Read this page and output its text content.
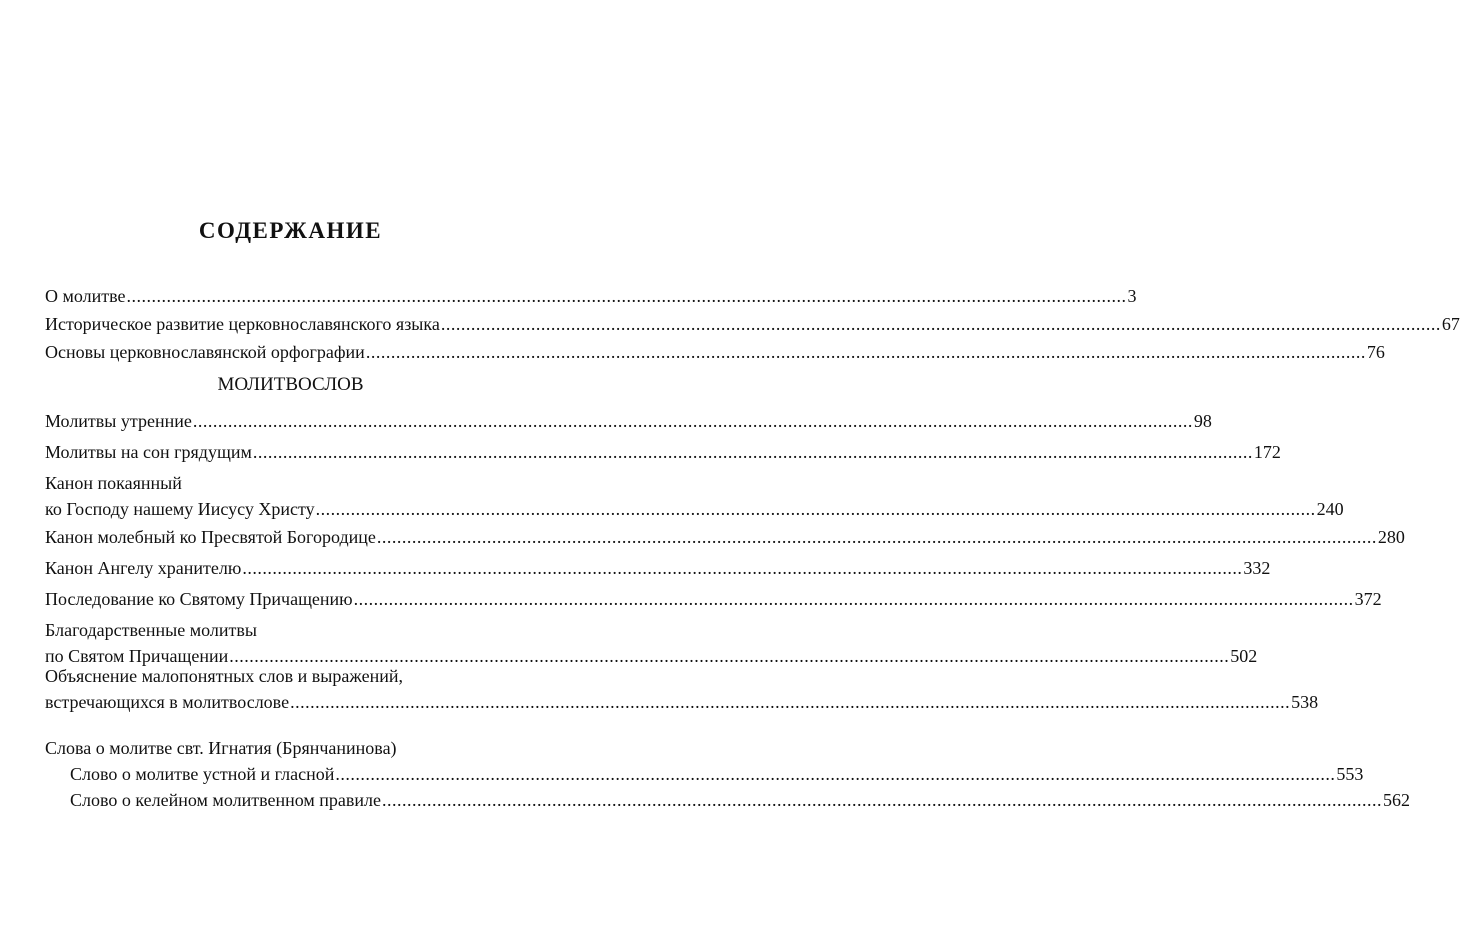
СОДЕРЖАНИЕ
О молитве ........................................................................................................................................................................................................ 3
Историческое развитие церковнославянского языка ........................................................................................................................................................................................................ 67
Основы церковнославянской орфографии ........................................................................................................................................................................................................ 76
МОЛИТВОСЛОВ
Молитвы утренние ........................................................................................................................................................................................................ 98
Молитвы на сон грядущим ........................................................................................................................................................................................................ 172
Канон покаянный
ко Господу нашему Иисусу Христу ........................................................................................................................................................................................................ 240
Канон молебный ко Пресвятой Богородице ........................................................................................................................................................................................................ 280
Канон Ангелу хранителю ........................................................................................................................................................................................................ 332
Последование ко Святому Причащению ........................................................................................................................................................................................................ 372
Благодарственные молитвы
по Святом Причащении ........................................................................................................................................................................................................ 502
Объяснение малопонятных слов и выражений,
встречающихся в молитвослове ........................................................................................................................................................................................................ 538
Слова о молитве свт. Игнатия (Брянчанинова)
Слово о молитве устной и гласной ........................................................................................................................................................................................................ 553
Слово о келейном молитвенном правиле ........................................................................................................................................................................................................ 562
